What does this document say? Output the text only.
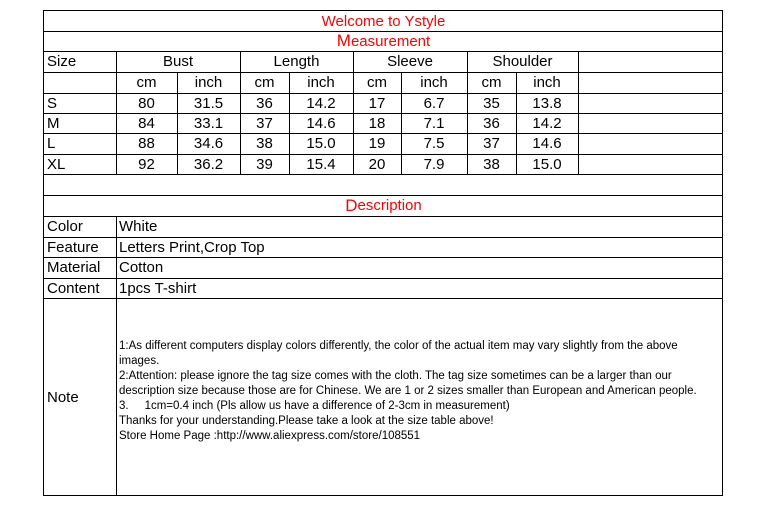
Welcome to Ystyle
M easurement
Size	Bust	Length	Sleeve	Shoulder
cm	inch	cm	inch	cm	inch	cm	inch
S	80	31.5	36	14.2	17	6.7	35	13.8
M	84	33.1	37	14.6	18	7.1	36	14.2
L	88	34.6	38	15.0	19	7.5	37	14.6
XL	92	36.2	39	15.4	20	7.9	38	15.0
D escription
Color	White
Feature	Letters Print,Crop Top
Material	Cotton
Content	1pcs T-shirt
Note
1:As different computers display colors differently, the color of the actual item may vary slightly from the above images.
2:Attention: please ignore the tag size comes with the cloth. The tag size sometimes can be a larger than our description size because those are for Chinese. We are 1 or 2 sizes smaller than European and American people.
3.     1cm=0.4 inch (Pls allow us have a difference of 2-3cm in measurement)
Thanks for your understanding.Please take a look at the size table above!
Store Home Page :http://www.aliexpress.com/store/108551
